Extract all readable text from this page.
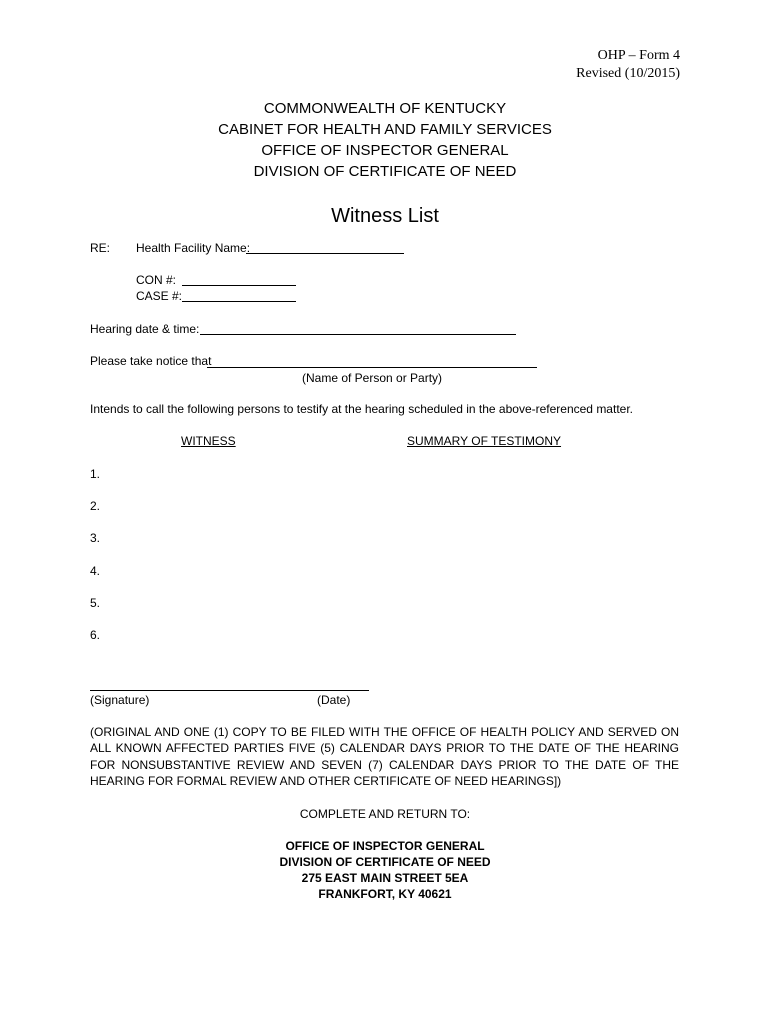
OHP – Form 4
Revised (10/2015)
COMMONWEALTH OF KENTUCKY
CABINET FOR HEALTH AND FAMILY SERVICES
OFFICE OF INSPECTOR GENERAL
DIVISION OF CERTIFICATE OF NEED
Witness List
RE: Health Facility Name:
CON #:
CASE #:
Hearing date & time:
Please take notice that
(Name of Person or Party)
Intends to call the following persons to testify at the hearing scheduled in the above-referenced matter.
WITNESS	SUMMARY OF TESTIMONY
1.
2.
3.
4.
5.
6.
(Signature)	(Date)
(ORIGINAL AND ONE (1) COPY TO BE FILED WITH THE OFFICE OF HEALTH POLICY AND SERVED ON ALL KNOWN AFFECTED PARTIES FIVE (5) CALENDAR DAYS PRIOR TO THE DATE OF THE HEARING FOR NONSUBSTANTIVE REVIEW AND SEVEN (7) CALENDAR DAYS PRIOR TO THE DATE OF THE HEARING FOR FORMAL REVIEW AND OTHER CERTIFICATE OF NEED HEARINGS])
COMPLETE AND RETURN TO:
OFFICE OF INSPECTOR GENERAL
DIVISION OF CERTIFICATE OF NEED
275 EAST MAIN STREET 5EA
FRANKFORT, KY 40621
